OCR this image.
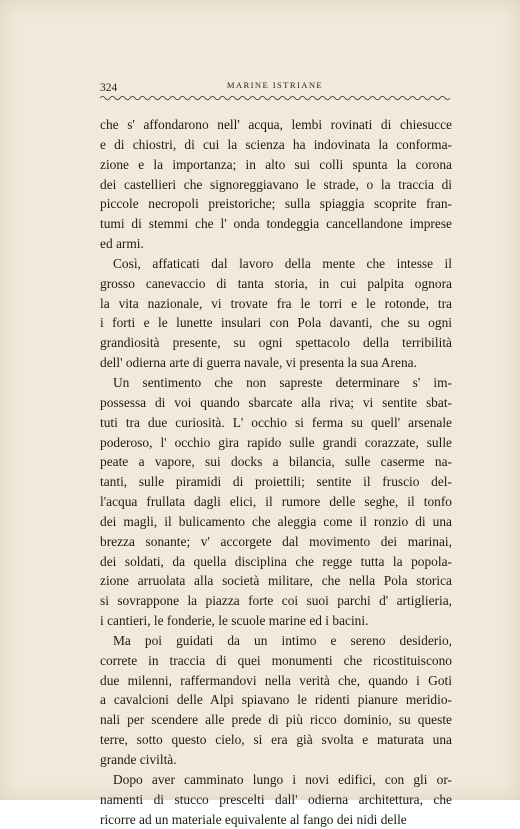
324	MARINE ISTRIANE

che s' affondarono nell' acqua, lembi rovinati di chiesucce
e di chiostri, di cui la scienza ha indovinata la conforma-
zione e la importanza; in alto sui colli spunta la corona
dei castellieri che signoreggiavano le strade, o la traccia di
piccole necropoli preistoriche; sulla spiaggia scoprite fran-
tumi di stemmi che l' onda tondeggia cancellandone imprese
ed armi.

Così, affaticati dal lavoro della mente che intesse il
grosso canevaccio di tanta storia, in cui palpita ognora
la vita nazionale, vi trovate fra le torri e le rotonde, tra
i forti e le lunette insulari con Pola davanti, che su ogni
grandiosità presente, su ogni spettacolo della terribilità
dell' odierna arte di guerra navale, vi presenta la sua Arena.

Un sentimento che non sapreste determinare s' im-
possessa di voi quando sbarcate alla riva; vi sentite sbat-
tuti tra due curiosità. L' occhio si ferma su quell' arsenale
poderoso, l' occhio gira rapido sulle grandi corazzate, sulle
peate a vapore, sui docks a bilancia, sulle caserme na-
tanti, sulle piramidi di proiettili; sentite il fruscio del-
l'acqua frullata dagli elici, il rumore delle seghe, il tonfo
dei magli, il bulicamento che aleggia come il ronzio di una
brezza sonante; v' accorgete dal movimento dei marinai,
dei soldati, da quella disciplina che regge tutta la popola-
zione arruolata alla società militare, che nella Pola storica
si sovrappone la piazza forte coi suoi parchi d' artiglieria,
i cantieri, le fonderie, le scuole marine ed i bacini.

Ma poi guidati da un intimo e sereno desiderio,
correte in traccia di quei monumenti che ricostituiscono
due milenni, raffermandovi nella verità che, quando i Goti
a cavalcioni delle Alpi spiavano le ridenti pianure meridio-
nali per scendere alle prede di più ricco dominio, su queste
terre, sotto questo cielo, si era già svolta e maturata una
grande civiltà.

Dopo aver camminato lungo i novi edifici, con gli or-
namenti di stucco prescelti dall' odierna architettura, che
ricorre ad un materiale equivalente al fango dei nidi delle
